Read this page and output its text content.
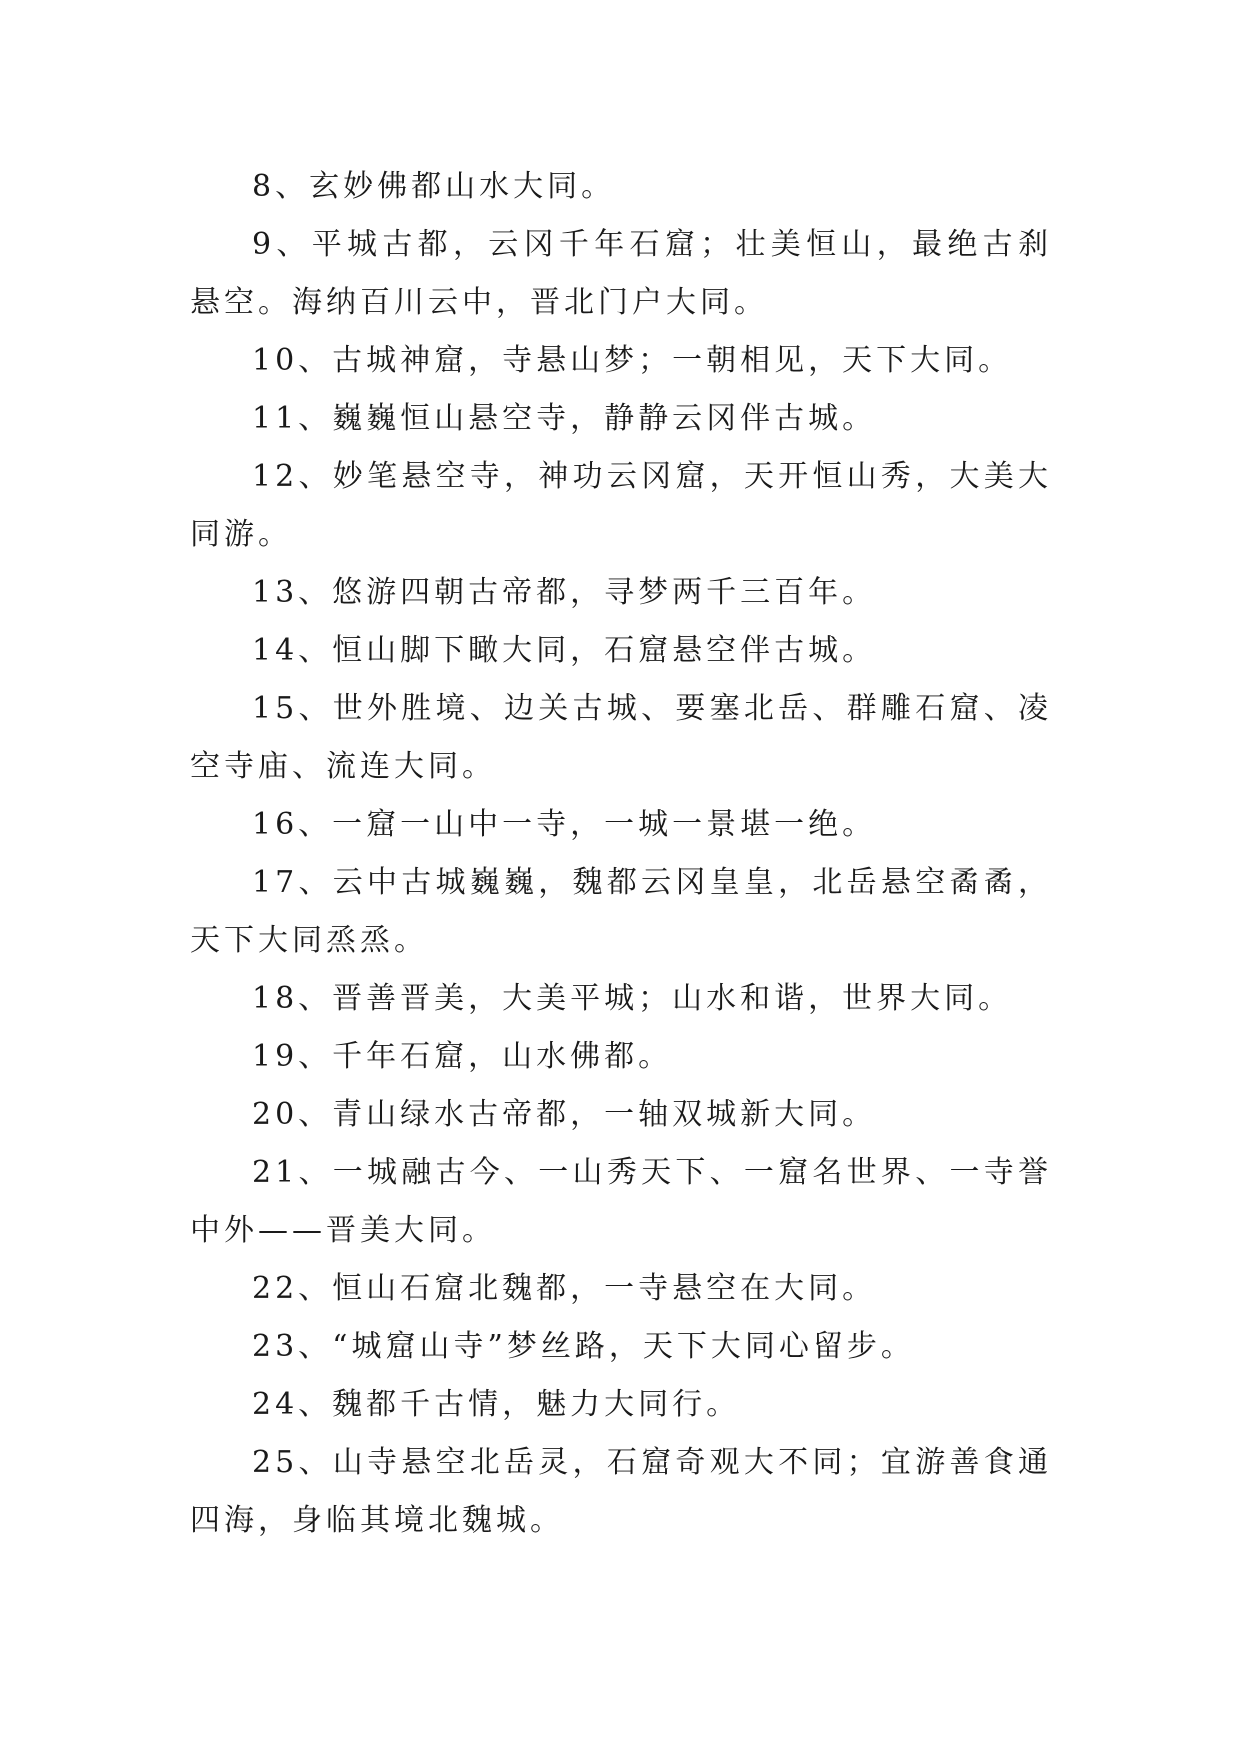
8、玄妙佛都山水大同。

9、平城古都，云冈千年石窟；壮美恒山，最绝古刹悬空。海纳百川云中，晋北门户大同。

10、古城神窟，寺悬山梦；一朝相见，天下大同。

11、巍巍恒山悬空寺，静静云冈伴古城。

12、妙笔悬空寺，神功云冈窟，天开恒山秀，大美大同游。

13、悠游四朝古帝都，寻梦两千三百年。

14、恒山脚下瞰大同，石窟悬空伴古城。

15、世外胜境、边关古城、要塞北岳、群雕石窟、凌空寺庙、流连大同。

16、一窟一山中一寺，一城一景堪一绝。

17、云中古城巍巍，魏都云冈皇皇，北岳悬空矞矞，天下大同烝烝。

18、晋善晋美，大美平城；山水和谐，世界大同。

19、千年石窟，山水佛都。

20、青山绿水古帝都，一轴双城新大同。

21、一城融古今、一山秀天下、一窟名世界、一寺誉中外——晋美大同。

22、恒山石窟北魏都，一寺悬空在大同。

23、“城窟山寺”梦丝路，天下大同心留步。

24、魏都千古情，魅力大同行。

25、山寺悬空北岳灵，石窟奇观大不同；宜游善食通四海，身临其境北魏城。
